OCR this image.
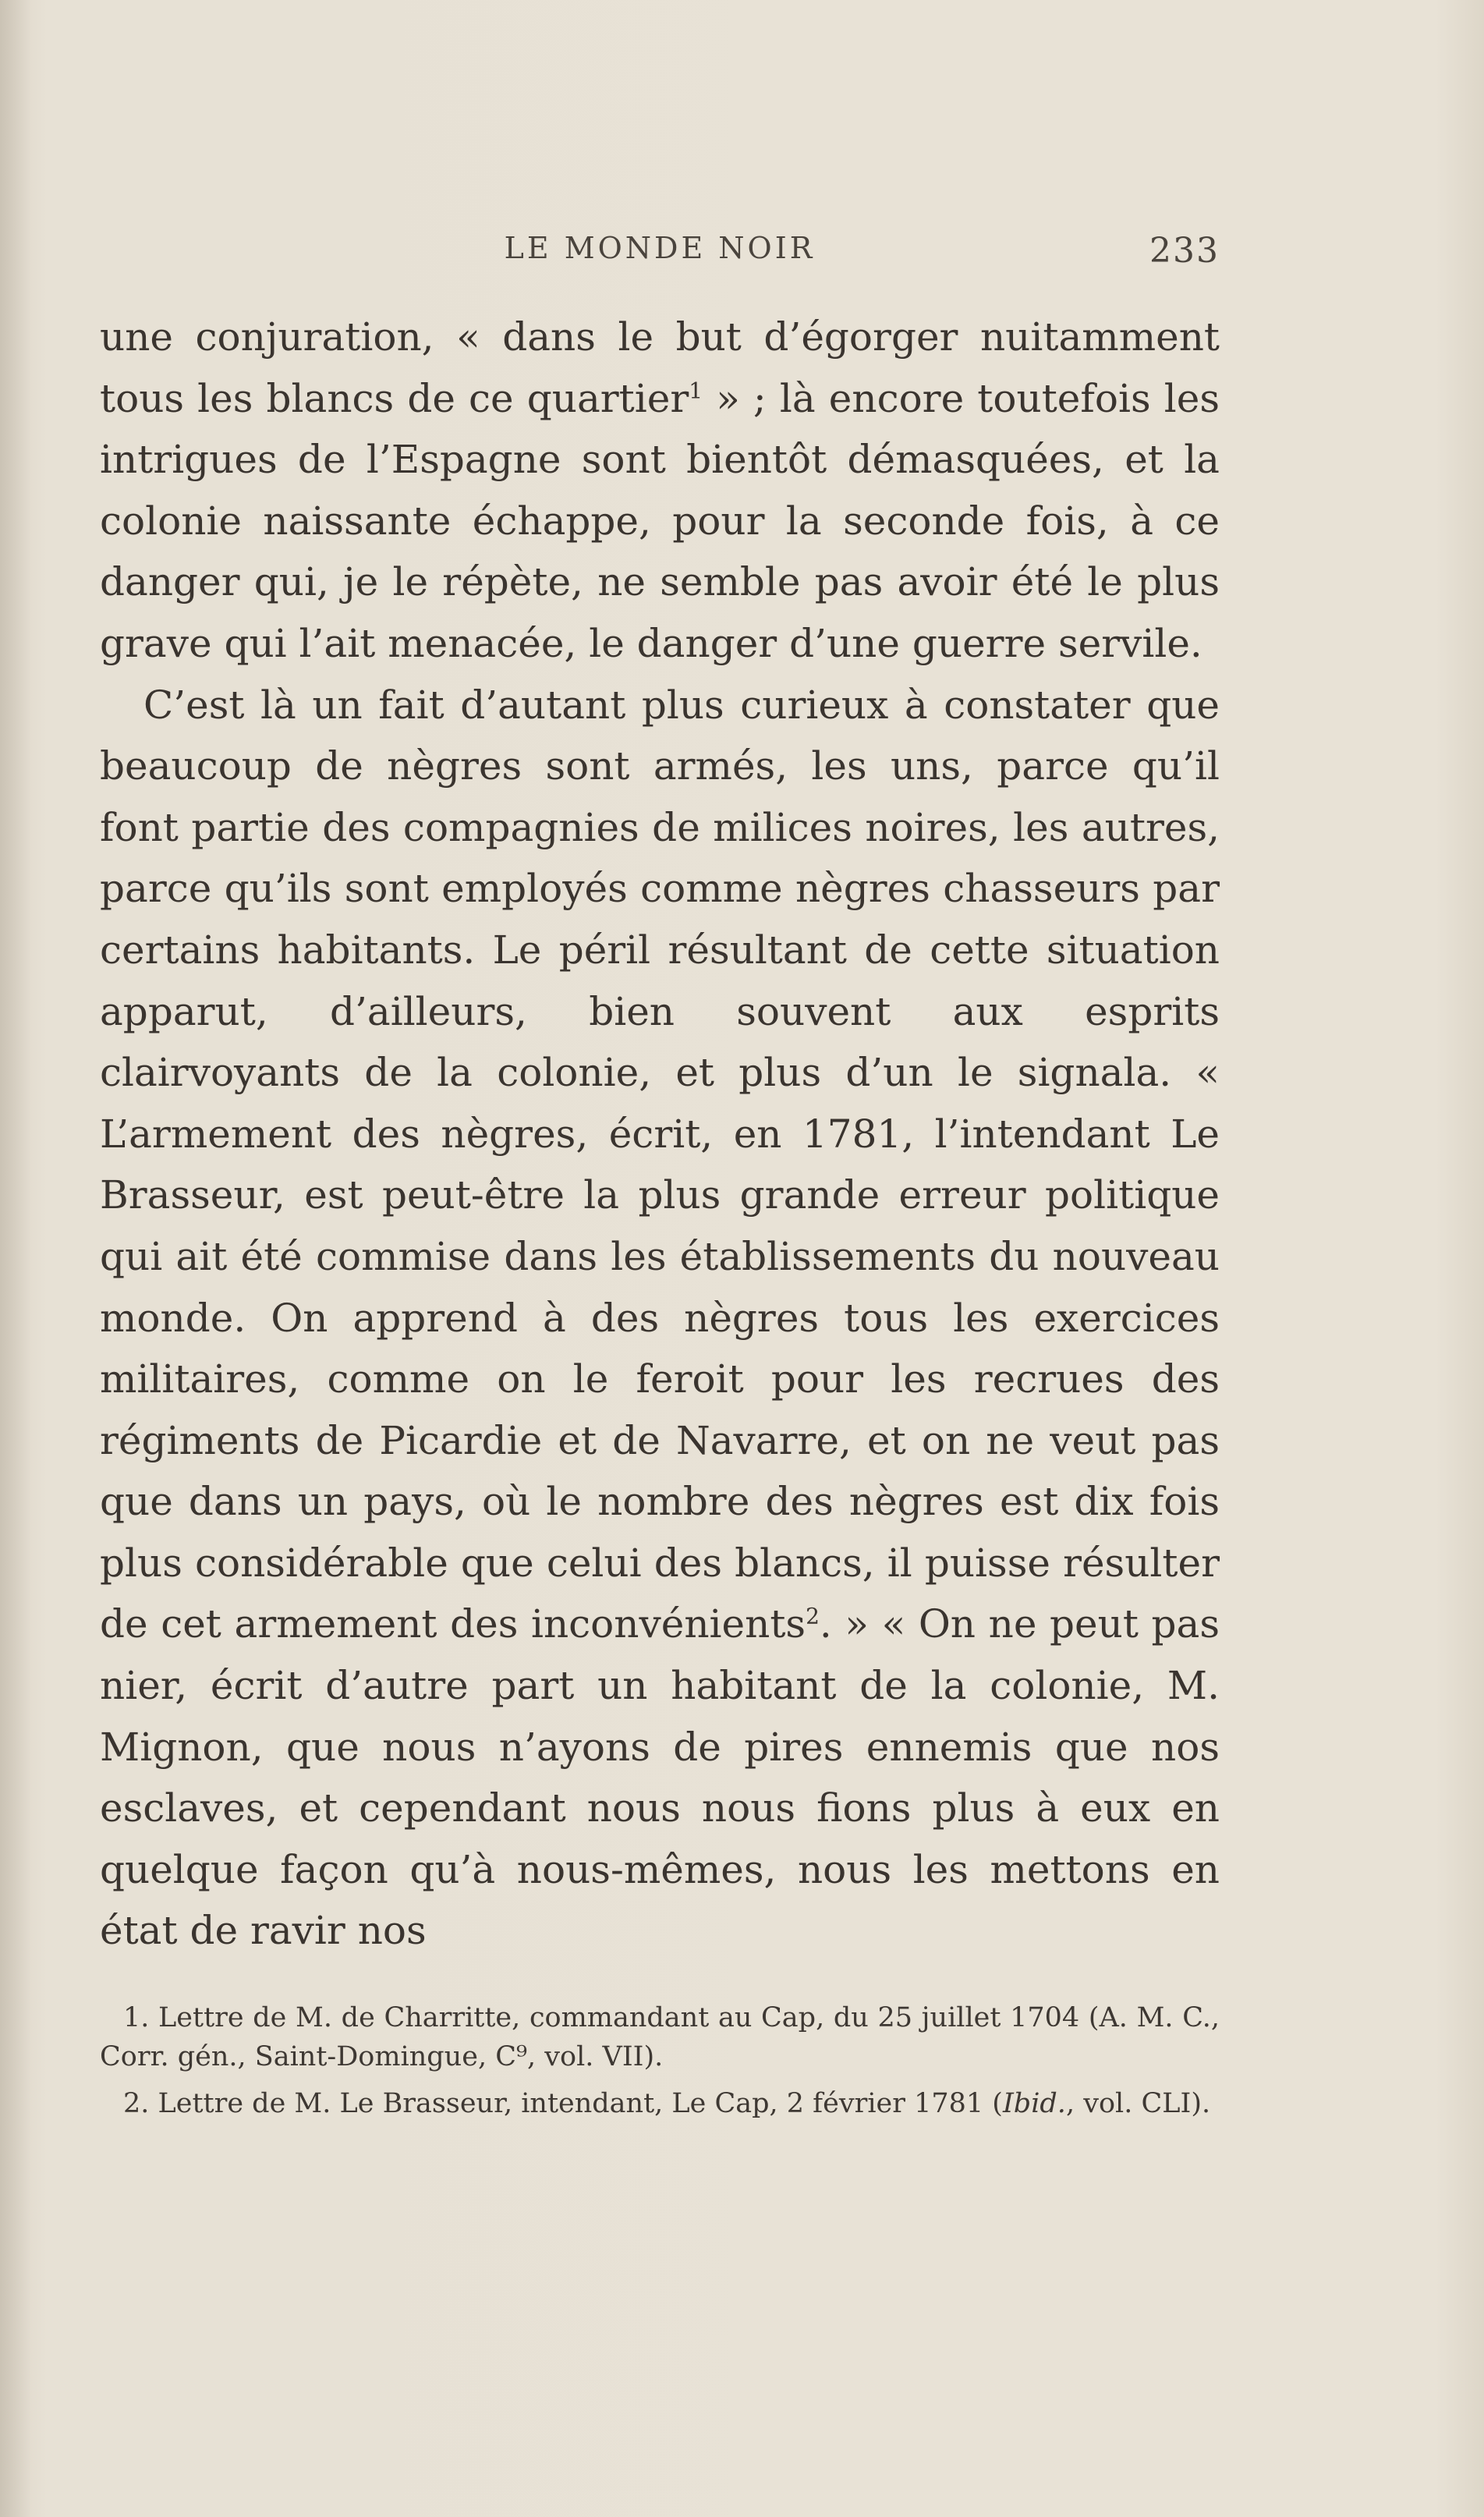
LE MONDE NOIR	233

une conjuration, « dans le but d’égorger nuitamment tous les blancs de ce quartier$^1$ » ; là encore toutefois les intrigues de l’Espagne sont bientôt démasquées, et la colonie naissante échappe, pour la seconde fois, à ce danger qui, je le répète, ne semble pas avoir été le plus grave qui l’ait menacée, le danger d’une guerre servile.

C’est là un fait d’autant plus curieux à constater que beaucoup de nègres sont armés, les uns, parce qu’il font partie des compagnies de milices noires, les autres, parce qu’ils sont employés comme nègres chasseurs par certains habitants. Le péril résultant de cette situation apparut, d’ailleurs, bien souvent aux esprits clairvoyants de la colonie, et plus d’un le signala. « L’armement des nègres, écrit, en 1781, l’intendant Le Brasseur, est peut-être la plus grande erreur politique qui ait été commise dans les établissements du nouveau monde. On apprend à des nègres tous les exercices militaires, comme on le feroit pour les recrues des régiments de Picardie et de Navarre, et on ne veut pas que dans un pays, où le nombre des nègres est dix fois plus considérable que celui des blancs, il puisse résulter de cet armement des inconvénients$^2$. » « On ne peut pas nier, écrit d’autre part un habitant de la colonie, M. Mignon, que nous n’ayons de pires ennemis que nos esclaves, et cependant nous nous fions plus à eux en quelque façon qu’à nous-mêmes, nous les mettons en état de ravir nos

1. Lettre de M. de Charritte, commandant au Cap, du 25 juillet 1704 (A. M. C., Corr. gén., Saint-Domingue, C⁹, vol. VII).

2. Lettre de M. Le Brasseur, intendant, Le Cap, 2 février 1781 (Ibid., vol. CLI).
